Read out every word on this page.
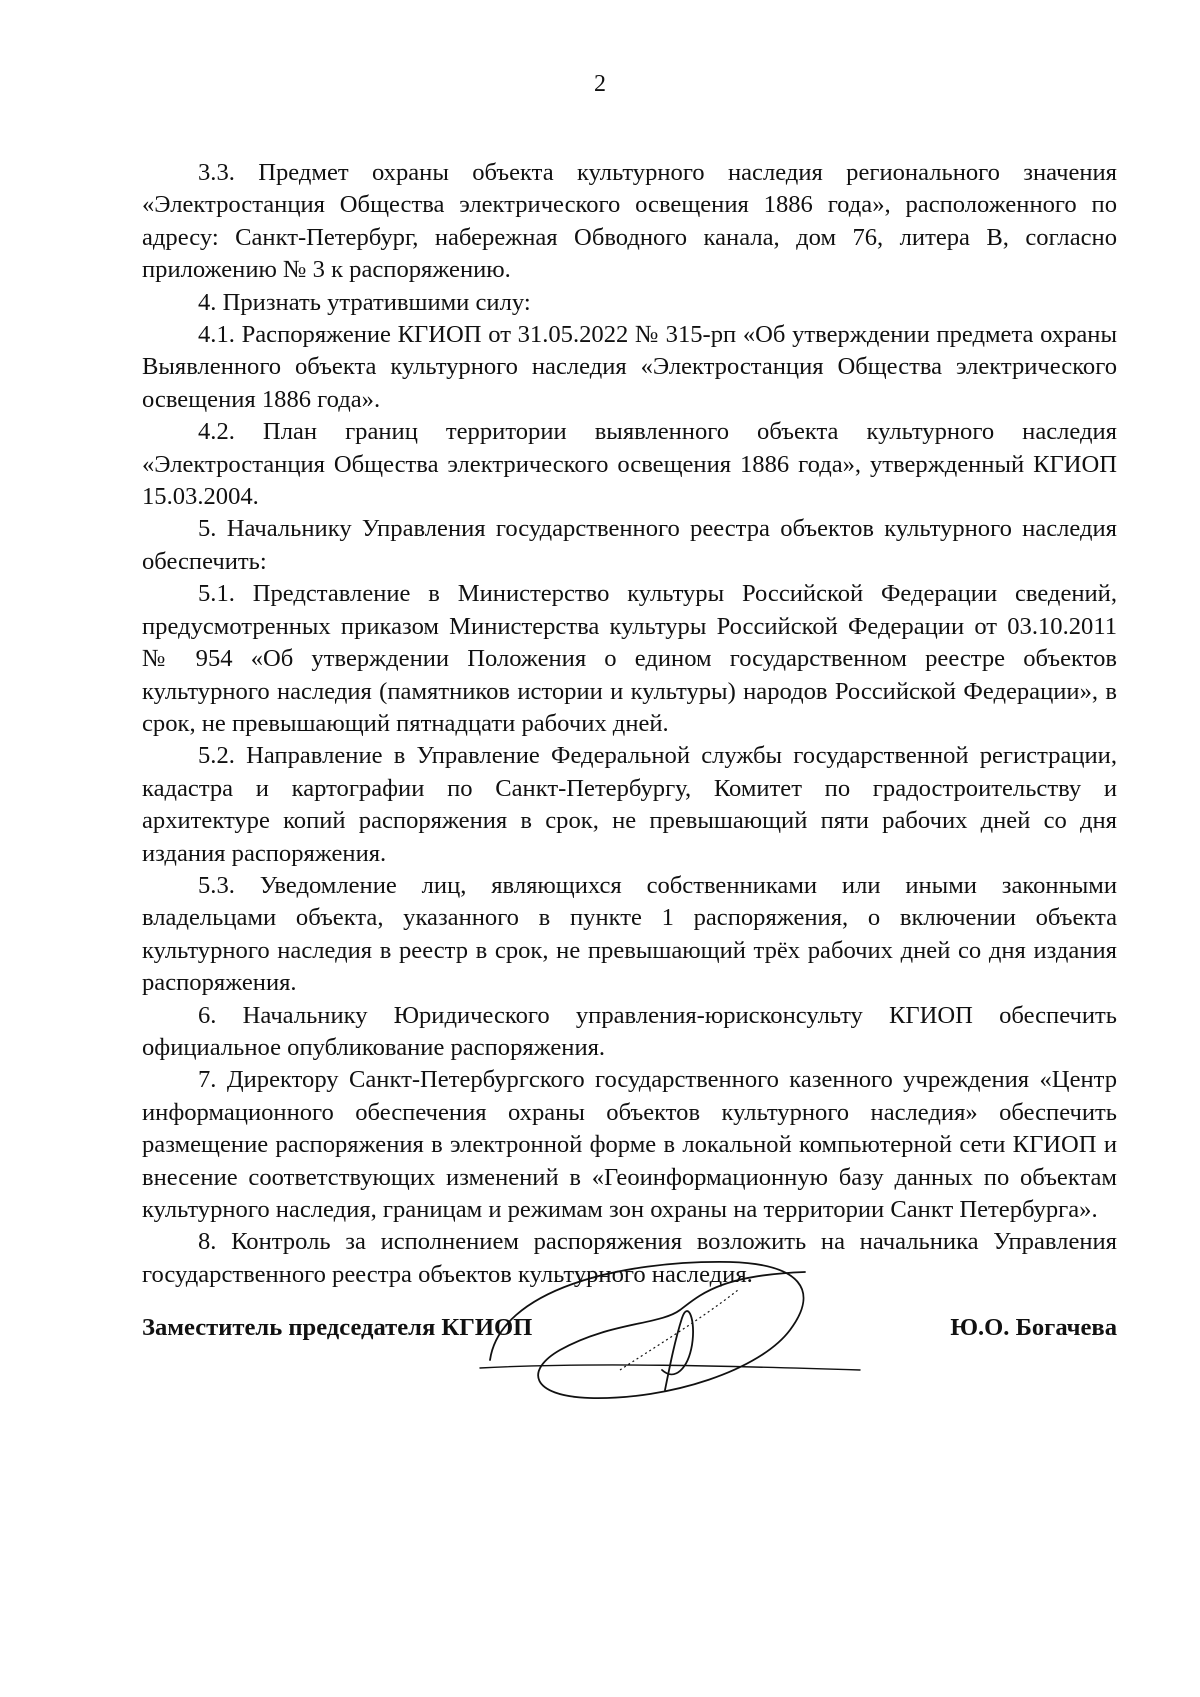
2

3.3. Предмет охраны объекта культурного наследия регионального значения «Электростанция Общества электрического освещения 1886 года», расположенного по адресу: Санкт-Петербург, набережная Обводного канала, дом 76, литера В, согласно приложению № 3 к распоряжению.

4. Признать утратившими силу:

4.1. Распоряжение КГИОП от 31.05.2022 № 315-рп «Об утверждении предмета охраны Выявленного объекта культурного наследия «Электростанция Общества электрического освещения 1886 года».

4.2. План границ территории выявленного объекта культурного наследия «Электростанция Общества электрического освещения 1886 года», утвержденный КГИОП 15.03.2004.

5. Начальнику Управления государственного реестра объектов культурного наследия обеспечить:

5.1. Представление в Министерство культуры Российской Федерации сведений, предусмотренных приказом Министерства культуры Российской Федерации от 03.10.2011 № 954 «Об утверждении Положения о едином государственном реестре объектов культурного наследия (памятников истории и культуры) народов Российской Федерации», в срок, не превышающий пятнадцати рабочих дней.

5.2. Направление в Управление Федеральной службы государственной регистрации, кадастра и картографии по Санкт-Петербургу, Комитет по градостроительству и архитектуре копий распоряжения в срок, не превышающий пяти рабочих дней со дня издания распоряжения.

5.3. Уведомление лиц, являющихся собственниками или иными законными владельцами объекта, указанного в пункте 1 распоряжения, о включении объекта культурного наследия в реестр в срок, не превышающий трёх рабочих дней со дня издания распоряжения.

6. Начальнику Юридического управления-юрисконсульту КГИОП обеспечить официальное опубликование распоряжения.

7. Директору Санкт-Петербургского государственного казенного учреждения «Центр информационного обеспечения охраны объектов культурного наследия» обеспечить размещение распоряжения в электронной форме в локальной компьютерной сети КГИОП и внесение соответствующих изменений в «Геоинформационную базу данных по объектам культурного наследия, границам и режимам зон охраны на территории Санкт Петербурга».

8. Контроль за исполнением распоряжения возложить на начальника Управления государственного реестра объектов культурного наследия.

Заместитель председателя КГИОП	Ю.О. Богачева
